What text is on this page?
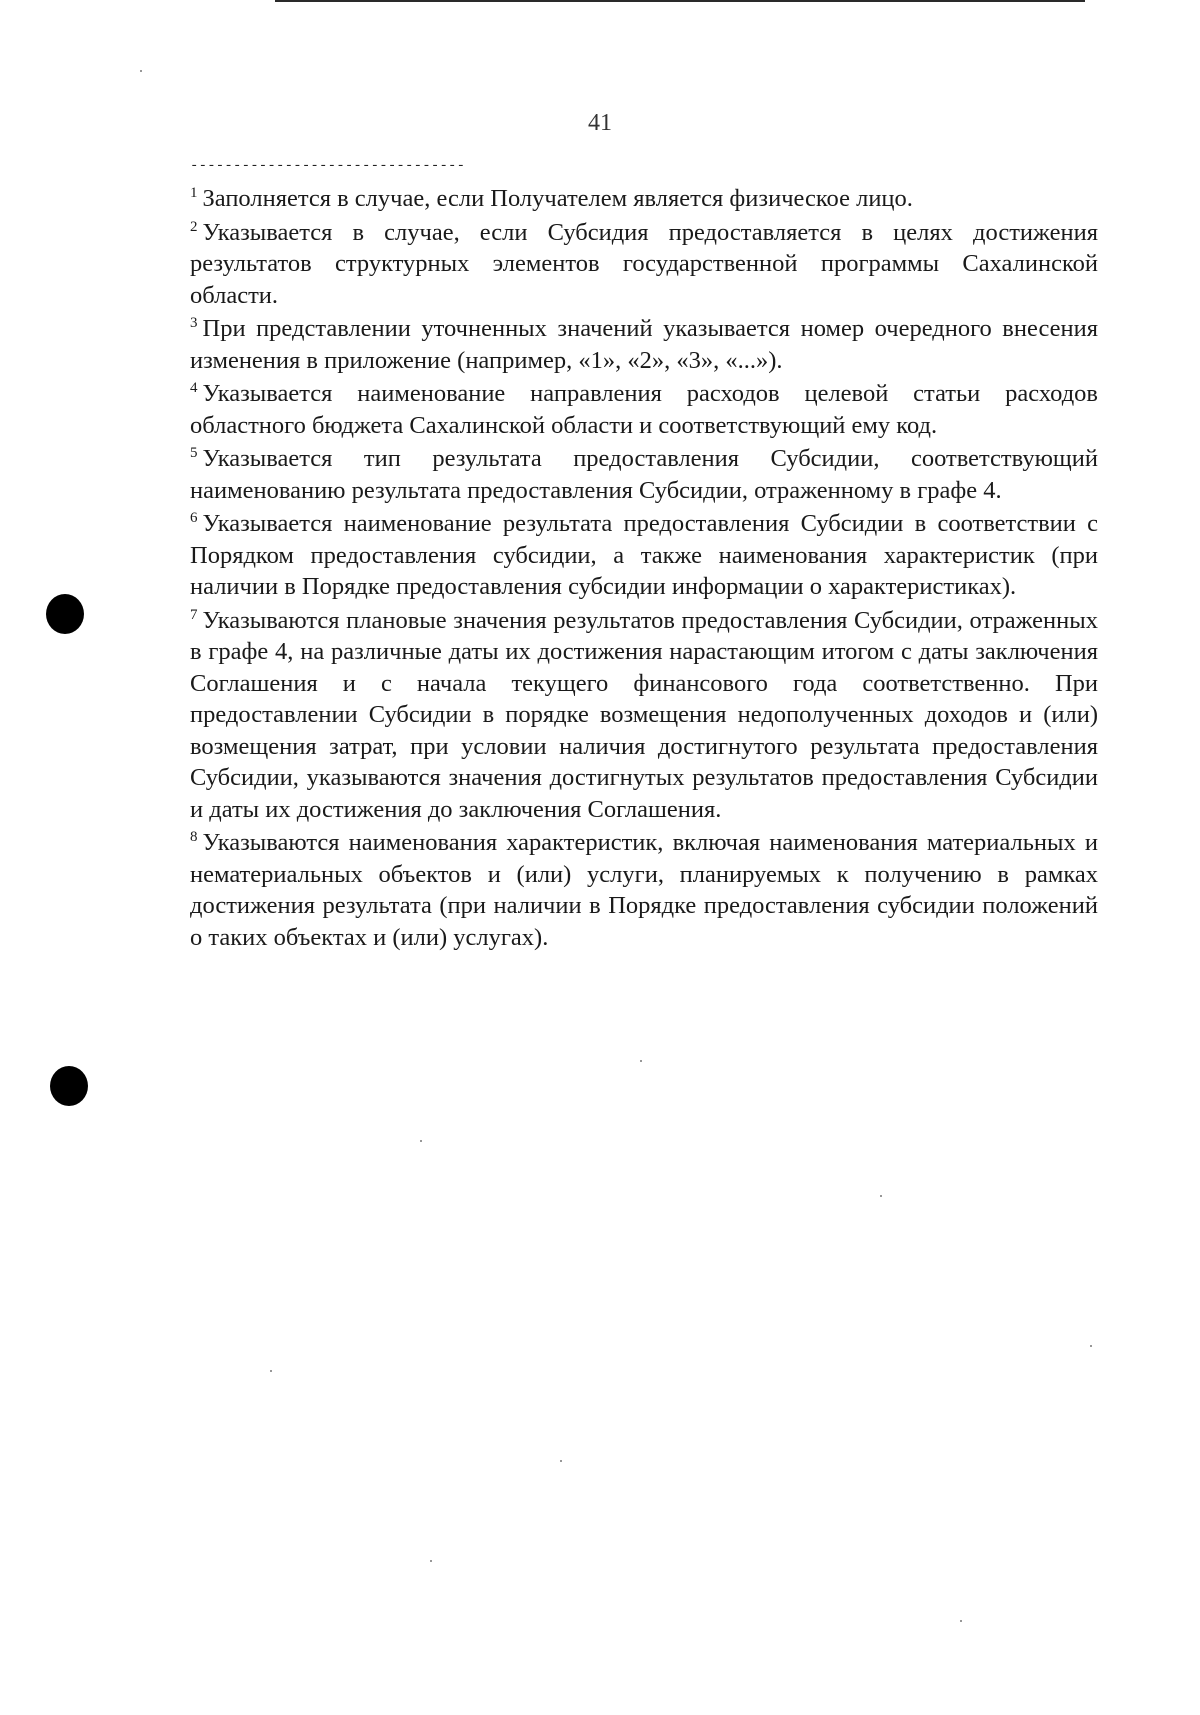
41
--------------------------------

$^1$ Заполняется в случае, если Получателем является физическое лицо.

$^2$ Указывается в случае, если Субсидия предоставляется в целях достижения результатов структурных элементов государственной программы Сахалинской области.

$^3$ При представлении уточненных значений указывается номер очередного внесения изменения в приложение (например, «1», «2», «3», «...»).

$^4$ Указывается наименование направления расходов целевой статьи расходов областного бюджета Сахалинской области и соответствующий ему код.

$^5$ Указывается тип результата предоставления Субсидии, соответствующий наименованию результата предоставления Субсидии, отраженному в графе 4.

$^6$ Указывается наименование результата предоставления Субсидии в соответствии с Порядком предоставления субсидии, а также наименования характеристик (при наличии в Порядке предоставления субсидии информации о характеристиках).

$^7$ Указываются плановые значения результатов предоставления Субсидии, отраженных в графе 4, на различные даты их достижения нарастающим итогом с даты заключения Соглашения и с начала текущего финансового года соответственно. При предоставлении Субсидии в порядке возмещения недополученных доходов и (или) возмещения затрат, при условии наличия достигнутого результата предоставления Субсидии, указываются значения достигнутых результатов предоставления Субсидии и даты их достижения до заключения Соглашения.

$^8$ Указываются наименования характеристик, включая наименования материальных и нематериальных объектов и (или) услуги, планируемых к получению в рамках достижения результата (при наличии в Порядке предоставления субсидии положений о таких объектах и (или) услугах).
